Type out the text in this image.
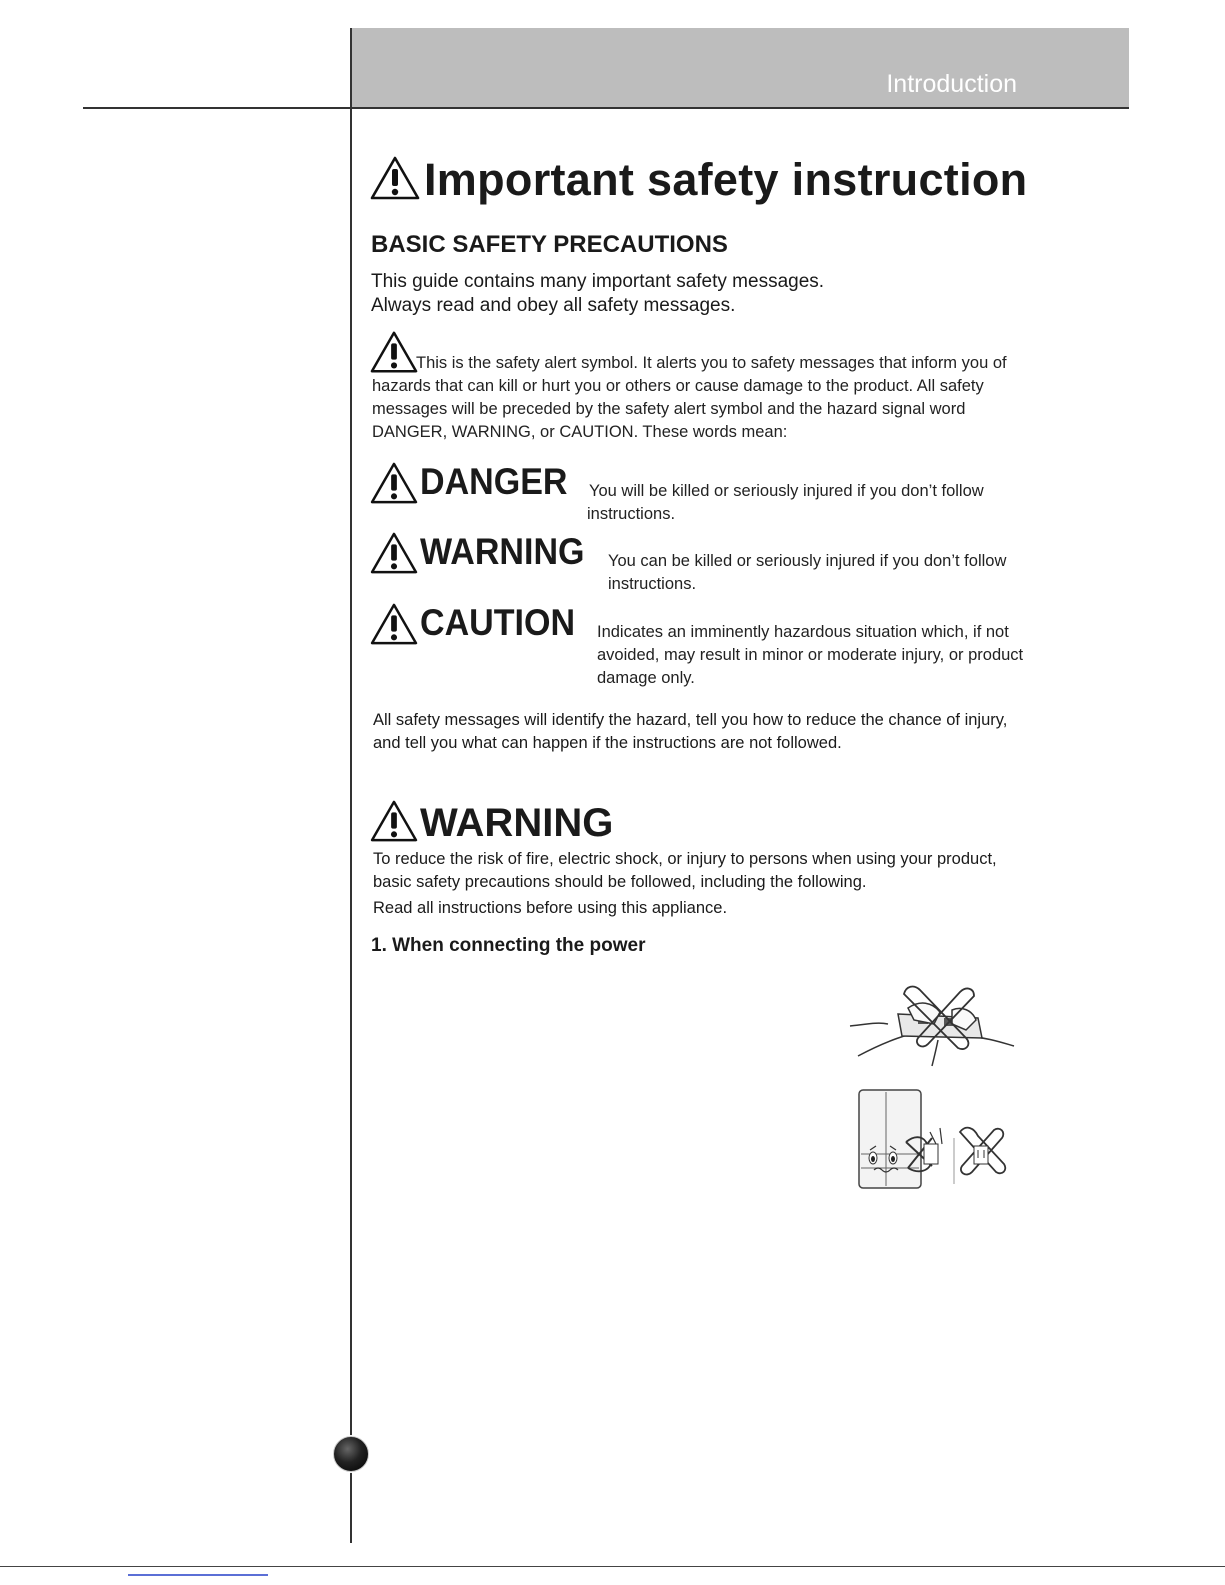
Introduction
Important safety instruction
BASIC SAFETY PRECAUTIONS
This guide contains many important safety messages.
Always read and obey all safety messages.

This is the safety alert symbol. It alerts you to safety messages that inform you of hazards that can kill or hurt you or others or cause damage to the product. All safety messages will be preceded by the safety alert symbol and the hazard signal word DANGER, WARNING, or CAUTION. These words mean:

DANGER You will be killed or seriously injured if you don’t follow
instructions.
WARNING You can be killed or seriously injured if you don’t follow
instructions.
CAUTION Indicates an imminently hazardous situation which, if not
avoided, may result in minor or moderate injury, or product
damage only.
All safety messages will identify the hazard, tell you how to reduce the chance of injury, and tell you what can happen if the instructions are not followed.
WARNING
To reduce the risk of fire, electric shock, or injury to persons when using your product, basic safety precautions should be followed, including the following.
Read all instructions before using this appliance.
1. When connecting the power
